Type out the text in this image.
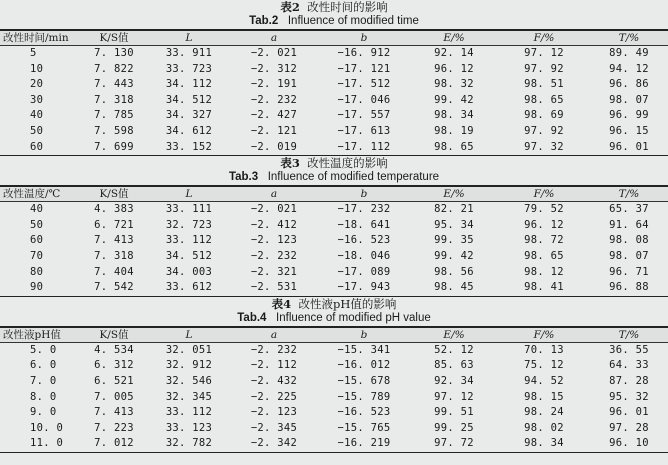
表2 改性时间的影响
Tab.2 Influence of modified time
改性时间/min	K/S值	L	a	b	E/%	F/%	T/%
5	7. 130	33. 911	−2. 021	−16. 912	92. 14	97. 12	89. 49
10	7. 822	33. 723	−2. 312	−17. 121	96. 12	97. 92	94. 12
20	7. 443	34. 112	−2. 191	−17. 512	98. 32	98. 51	96. 86
30	7. 318	34. 512	−2. 232	−17. 046	99. 42	98. 65	98. 07
40	7. 785	34. 327	−2. 427	−17. 557	98. 34	98. 69	96. 99
50	7. 598	34. 612	−2. 121	−17. 613	98. 19	97. 92	96. 15
60	7. 699	33. 152	−2. 019	−17. 112	98. 65	97. 32	96. 01
表3 改性温度的影响
Tab.3 Influence of modified temperature
改性温度/℃	K/S值	L	a	b	E/%	F/%	T/%
40	4. 383	33. 111	−2. 021	−17. 232	82. 21	79. 52	65. 37
50	6. 721	32. 723	−2. 412	−18. 641	95. 34	96. 12	91. 64
60	7. 413	33. 112	−2. 123	−16. 523	99. 35	98. 72	98. 08
70	7. 318	34. 512	−2. 232	−18. 046	99. 42	98. 65	98. 07
80	7. 404	34. 003	−2. 321	−17. 089	98. 56	98. 12	96. 71
90	7. 542	33. 612	−2. 531	−17. 943	98. 45	98. 41	96. 88
表4 改性液pH值的影响
Tab.4 Influence of modified pH value
改性液pH值	K/S值	L	a	b	E/%	F/%	T/%
5. 0	4. 534	32. 051	−2. 232	−15. 341	52. 12	70. 13	36. 55
6. 0	6. 312	32. 912	−2. 112	−16. 012	85. 63	75. 12	64. 33
7. 0	6. 521	32. 546	−2. 432	−15. 678	92. 34	94. 52	87. 28
8. 0	7. 005	32. 345	−2. 225	−15. 789	97. 12	98. 15	95. 32
9. 0	7. 413	33. 112	−2. 123	−16. 523	99. 51	98. 24	96. 01
10. 0	7. 223	33. 123	−2. 345	−15. 765	99. 25	98. 02	97. 28
11. 0	7. 012	32. 782	−2. 342	−16. 219	97. 72	98. 34	96. 10
